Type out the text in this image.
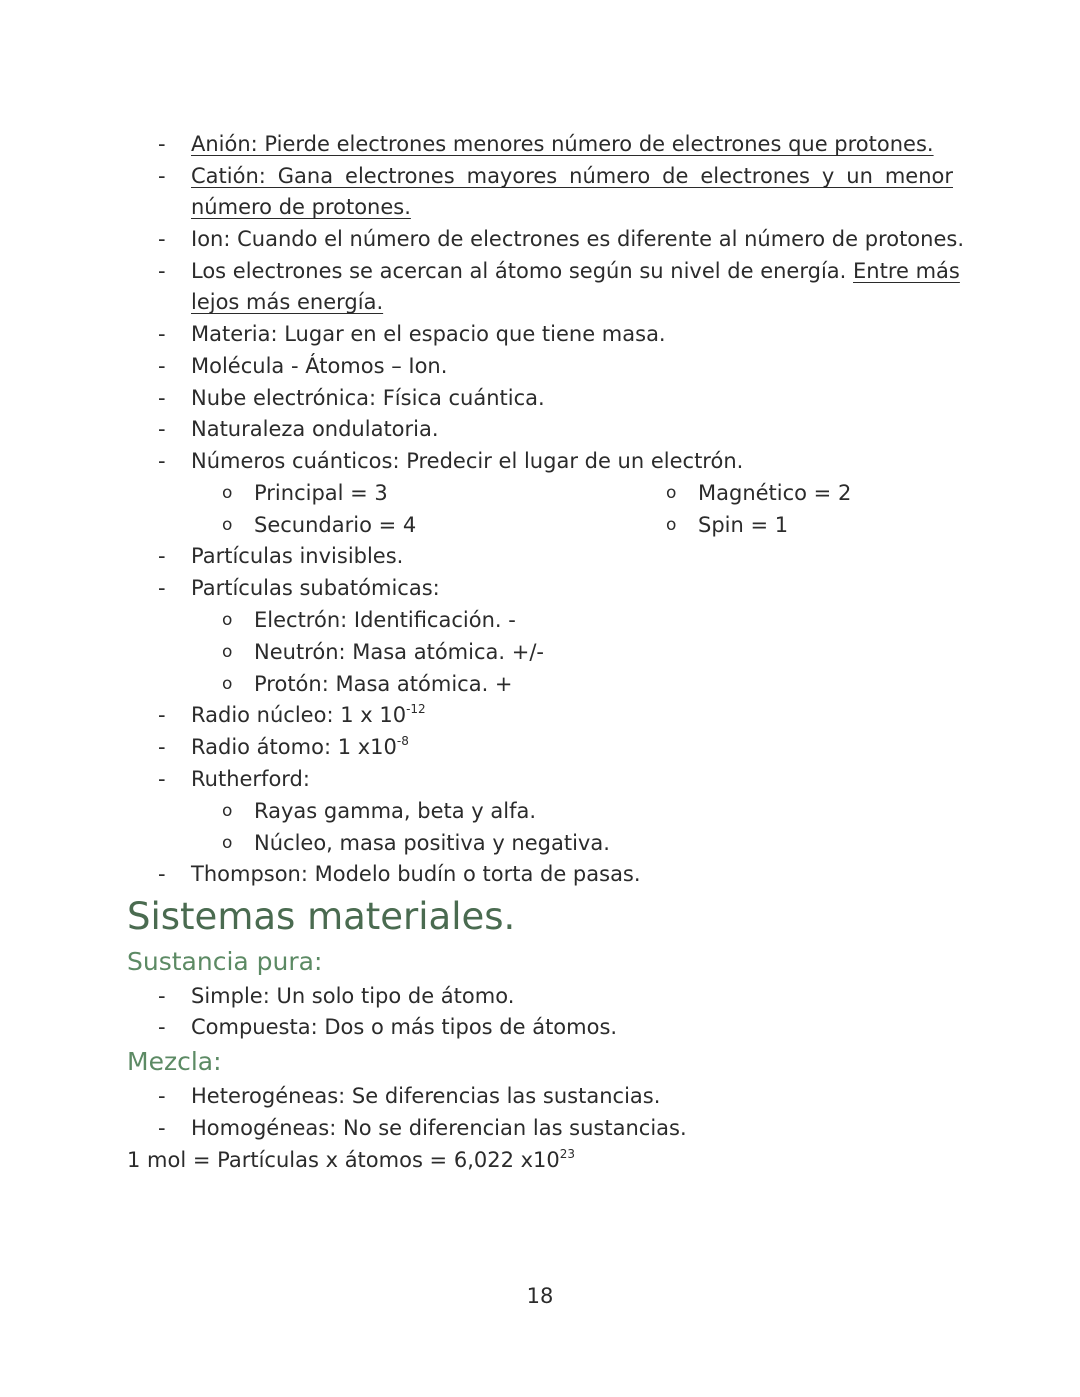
-
-
-
-
-
-
-
-
-
-
-
-
-
-
-
-
-
-
-
Anión: Pierde electrones menores número de electrones que protones.
Catión: Gana electrones mayores número de electrones y un menor
número de protones.
Ion: Cuando el número de electrones es diferente al número de protones.
Los electrones se acercan al átomo según su nivel de energía. Entre más
lejos más energía.
Materia: Lugar en el espacio que tiene masa.
Molécula - Átomos – Ion.
Nube electrónica: Física cuántica.
Naturaleza ondulatoria.
Números cuánticos: Predecir el lugar de un electrón.
o Principal = 3
o Secundario = 4
o Magnético = 2
o Spin = 1
Partículas invisibles.
Partículas subatómicas:
o Electrón: Identificación. -
o Neutrón: Masa atómica. +/-
o Protón: Masa atómica. +
Radio núcleo: 1 x $10^{-12}$
Radio átomo: 1 $x10^{-8}$
Rutherford:
o Rayas gamma, beta y alfa.
o Núcleo, masa positiva y negativa.
Thompson: Modelo budín o torta de pasas.
Sistemas materiales.
Sustancia pura:
Simple: Un solo tipo de átomo.
Compuesta: Dos o más tipos de átomos.
Mezcla:
Heterogéneas: Se diferencias las sustancias.
Homogéneas: No se diferencian las sustancias.
1 mol = Partículas x átomos = 6,022 $x10^{23}$
18
